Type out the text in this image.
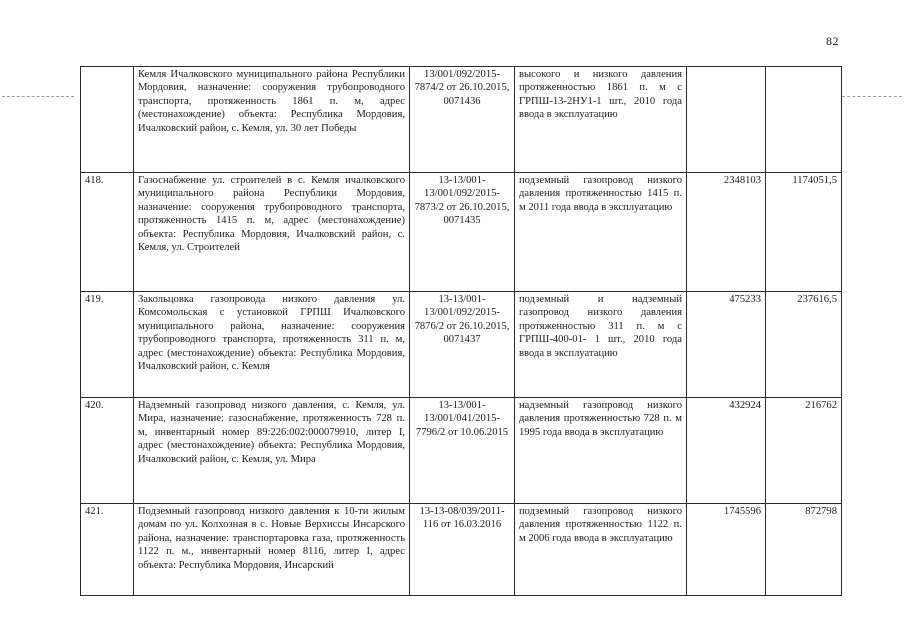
82
	Кемля Ичалковского муниципального района Республики Мордовия, назначение: сооружения трубопроводного транспорта, протяженность 1861 п. м, адрес (местонахождение) объекта: Республика Мордовия, Ичалковский район, с. Кемля, ул. 30 лет Победы	13/001/092/2015-7874/2 от 26.10.2015, 0071436	высокого и низкого давления протяженностью 1861 п. м с ГРПШ-13-2НУ1-1 шт., 2010 года ввода в эксплуатацию		
418.	Газоснабжение ул. строителей в с. Кемля ичалковского муниципального района Республики Мордовия, назначение: сооружения трубопроводного транспорта, протяженность 1415 п. м, адрес (местонахождение) объекта: Республика Мордовия, Ичалковский район, с. Кемля, ул. Строителей	13-13/001-13/001/092/2015-7873/2 от 26.10.2015, 0071435	подземный газопровод низкого давления протяженностью 1415 п. м 2011 года ввода в эксплуатацию	2348103	1174051,5
419.	Закольцовка газопровода низкого давления ул. Комсомольская с установкой ГРПШ Ичалковского муниципального района, назначение: сооружения трубопроводного транспорта, протяженность 311 п. м, адрес (местонахождение) объекта: Республика Мордовия, Ичалковский район, с. Кемля	13-13/001-13/001/092/2015-7876/2 от 26.10.2015, 0071437	подземный и надземный газопровод низкого давления протяженностью 311 п. м с ГРПШ-400-01- 1 шт., 2010 года ввода в эксплуатацию	475233	237616,5
420.	Надземный газопровод низкого давления, с. Кемля, ул. Мира, назначение: газоснабжение, протяженность 728 п. м, инвентарный номер 89:226:002:000079910, литер I, адрес (местонахождение) объекта: Республика Мордовия, Ичалковский район, с. Кемля, ул. Мира	13-13/001-13/001/041/2015-7796/2 от 10.06.2015	надземный газопровод низкого давления протяженностью 728 п. м 1995 года ввода в эксплуатацию	432924	216762
421.	Подземный газопровод низкого давления к 10-ти жилым домам по ул. Колхозная в с. Новые Верхиссы Инсарского района, назначение: транспортаровка газа, протяженность 1122 п. м., инвентарный номер 8116, литер I, адрес объекта: Республика Мордовия, Инсарский	13-13-08/039/2011-116 от 16.03.2016	подземный газопровод низкого давления протяженностью 1122 п. м 2006 года ввода в эксплуатацию	1745596	872798
